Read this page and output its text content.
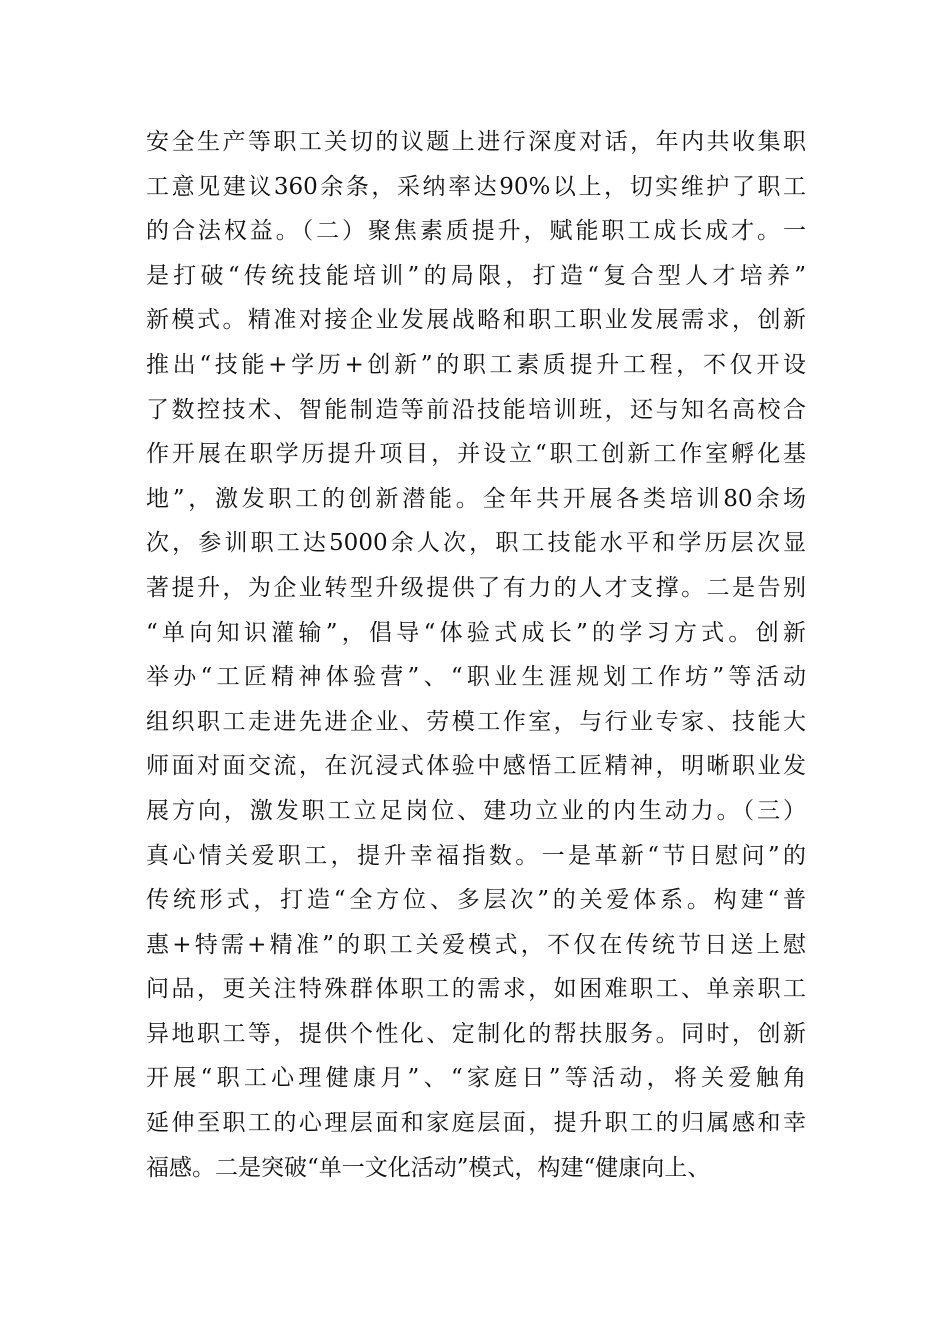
安全生产等职工关切的议题上进行深度对话，年内共收集职
工意见建议360余条，采纳率达90%以上，切实维护了职工
的合法权益。（二）聚焦素质提升，赋能职工成长成才。一
是打破“传统技能培训”的局限，打造“复合型人才培养”
新模式。精准对接企业发展战略和职工职业发展需求，创新
推出“技能+学历+创新”的职工素质提升工程，不仅开设
了数控技术、智能制造等前沿技能培训班，还与知名高校合
作开展在职学历提升项目，并设立“职工创新工作室孵化基
地”，激发职工的创新潜能。全年共开展各类培训80余场
次，参训职工达5000余人次，职工技能水平和学历层次显
著提升，为企业转型升级提供了有力的人才支撑。二是告别
“单向知识灌输”，倡导“体验式成长”的学习方式。创新
举办“工匠精神体验营”、“职业生涯规划工作坊”等活动
组织职工走进先进企业、劳模工作室，与行业专家、技能大
师面对面交流，在沉浸式体验中感悟工匠精神，明晰职业发
展方向，激发职工立足岗位、建功立业的内生动力。（三）
真心情关爱职工，提升幸福指数。一是革新“节日慰问”的
传统形式，打造“全方位、多层次”的关爱体系。构建“普
惠+特需+精准”的职工关爱模式，不仅在传统节日送上慰
问品，更关注特殊群体职工的需求，如困难职工、单亲职工
异地职工等，提供个性化、定制化的帮扶服务。同时，创新
开展“职工心理健康月”、“家庭日”等活动，将关爱触角
延伸至职工的心理层面和家庭层面，提升职工的归属感和幸
福感。二是突破“单一文化活动”模式，构建“健康向上、
